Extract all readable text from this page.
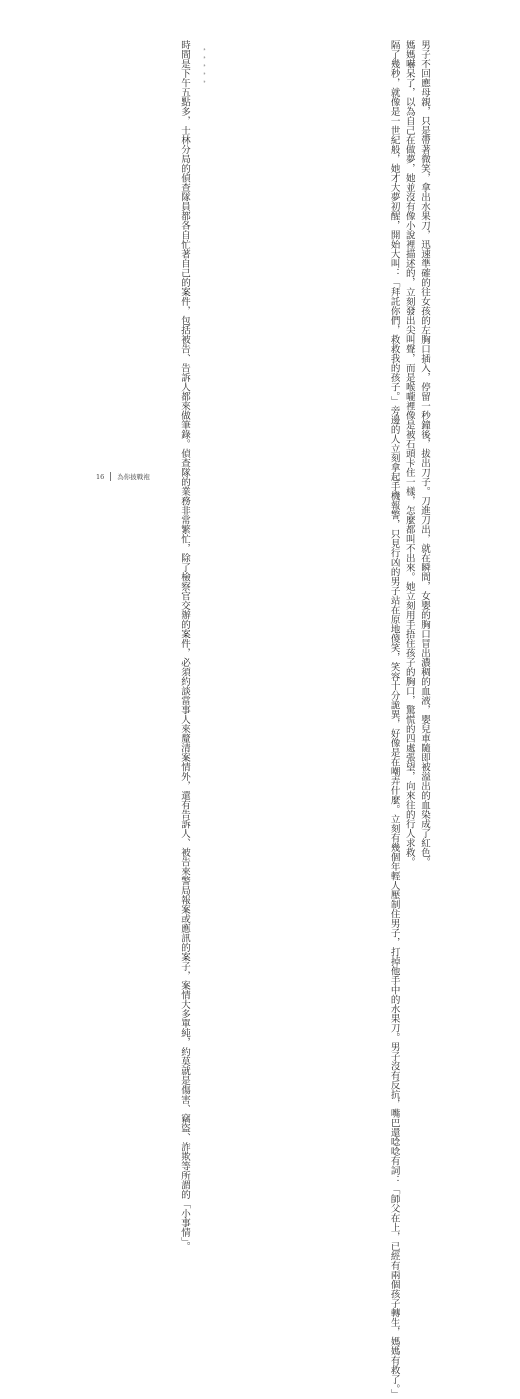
男子不回應母親，只是帶著微笑，拿出水果刀，迅速準確的往女孩的左胸口插入，停留一秒鐘後，拔出刀子。刀進刀出，就在瞬間，女嬰的胸口冒出濃稠的血液，嬰兒車隨即被溢出的血染成了紅色。

媽媽嚇呆了，以為自己在做夢，她並沒有像小說裡描述的，立刻發出尖叫聲，而是喉嚨裡像是被石頭卡住一樣，怎麼都叫不出來。她立刻用手捂住孩子的胸口，驚慌的四處張望，向來往的行人求救。

隔了幾秒，就像是一世紀般，她才大夢初醒，開始大叫：「拜託你們，救救我的孩子。」旁邊的人立刻拿起手機報警，只見行凶的男子站在原地傻笑，笑容十分詭異，好像是在嘲弄什麼。立刻有幾個年輕人壓制住男子，打掉他手中的水果刀。男子沒有反抗，嘴巴還唸唸有詞：「師父在上，已經有兩個孩子轉生，媽媽有救了。」

* * * * *

時間是下午五點多，士林分局的偵查隊員都各自忙著自己的案件，包括被告、告訴人都來做筆錄。偵查隊的業務非常繁忙，除了檢察官交辦的案件，必須約談當事人來釐清案情外，還有告訴人、被告來警局報案或應訊的案子，案情大多單純，約莫就是傷害、竊盜、詐欺等所謂的「小事情」。

16 為你披戰袍
